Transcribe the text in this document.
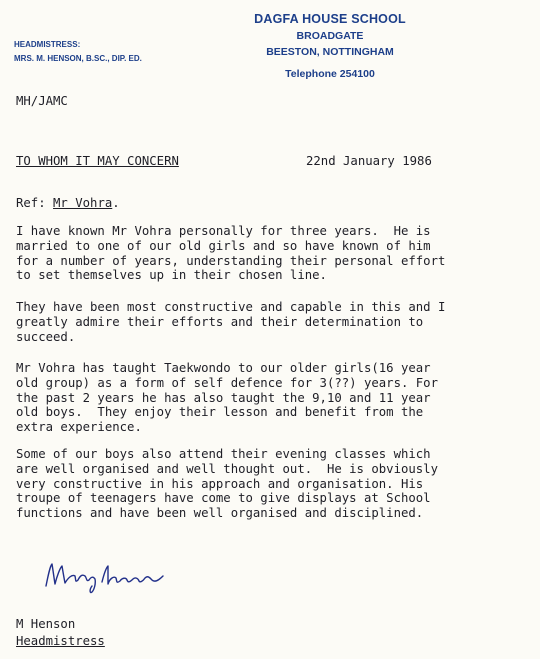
DAGFA HOUSE SCHOOL
BROADGATE
BEESTON, NOTTINGHAM
Telephone 254100
HEADMISTRESS:
MRS. M. HENSON, B.SC., DIP. ED.
MH/JAMC
TO WHOM IT MAY CONCERN	22nd January 1986
Ref: Mr Vohra.
I have known Mr Vohra personally for three years.  He is
married to one of our old girls and so have known of him
for a number of years, understanding their personal effort
to set themselves up in their chosen line.
They have been most constructive and capable in this and I
greatly admire their efforts and their determination to
succeed.
Mr Vohra has taught Taekwondo to our older girls(16 year
old group) as a form of self defence for 3(??) years. For
the past 2 years he has also taught the 9,10 and 11 year
old boys.  They enjoy their lesson and benefit from the
extra experience.
Some of our boys also attend their evening classes which
are well organised and well thought out.  He is obviously
very constructive in his approach and organisation. His
troupe of teenagers have come to give displays at School
functions and have been well organised and disciplined.
M Henson
Headmistress
